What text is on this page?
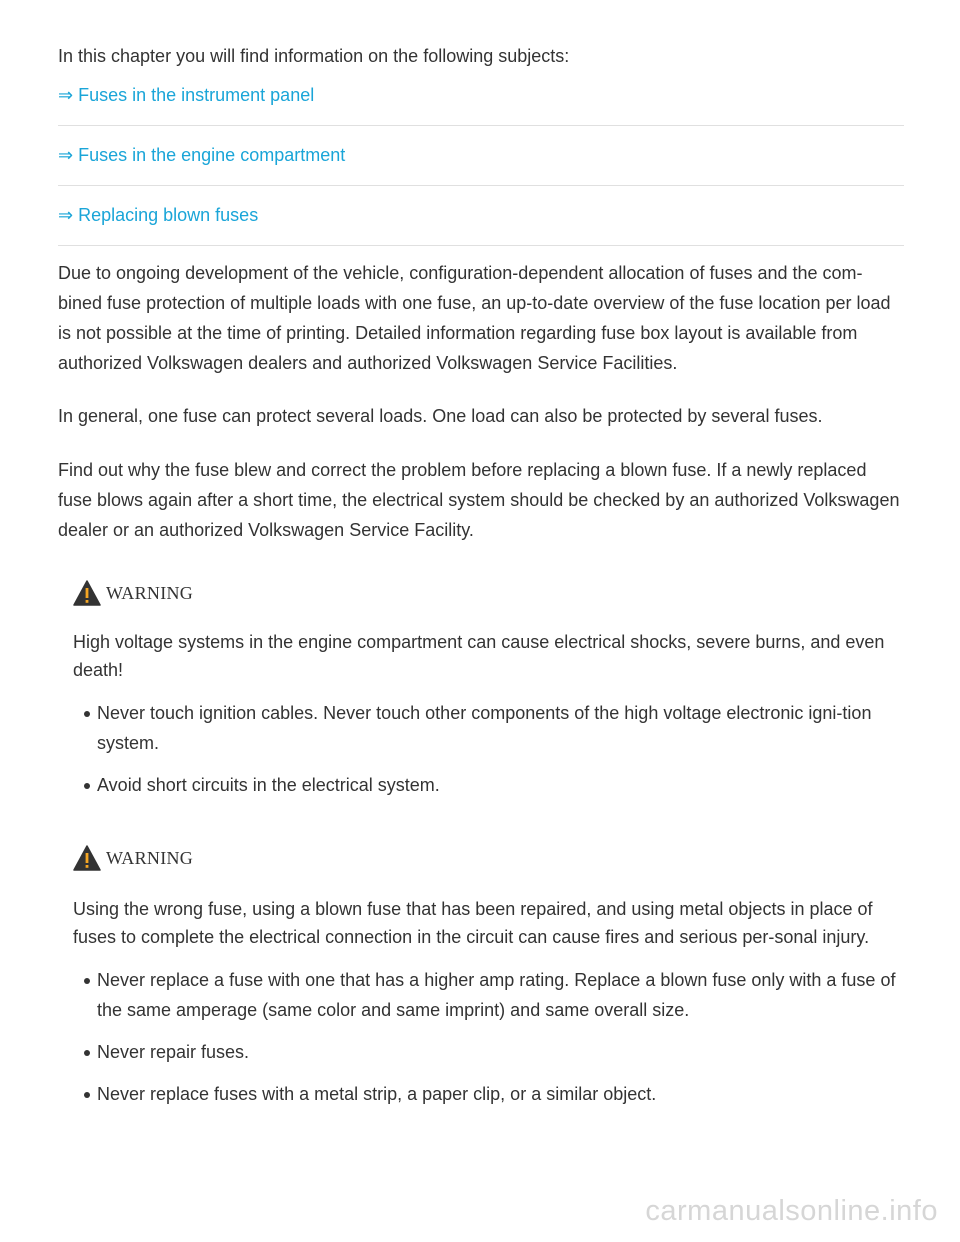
In this chapter you will find information on the following subjects:

⇒ Fuses in the instrument panel
⇒ Fuses in the engine compartment
⇒ Replacing blown fuses

Due to ongoing development of the vehicle, configuration-dependent allocation of fuses and the com-bined fuse protection of multiple loads with one fuse, an up-to-date overview of the fuse location per load is not possible at the time of printing. Detailed information regarding fuse box layout is available from authorized Volkswagen dealers and authorized Volkswagen Service Facilities.

In general, one fuse can protect several loads. One load can also be protected by several fuses.

Find out why the fuse blew and correct the problem before replacing a blown fuse. If a newly replaced fuse blows again after a short time, the electrical system should be checked by an authorized Volkswagen dealer or an authorized Volkswagen Service Facility.

WARNING

High voltage systems in the engine compartment can cause electrical shocks, severe burns, and even death!

Never touch ignition cables. Never touch other components of the high voltage electronic igni-tion system.
Avoid short circuits in the electrical system.
WARNING

Using the wrong fuse, using a blown fuse that has been repaired, and using metal objects in place of fuses to complete the electrical connection in the circuit can cause fires and serious per-sonal injury.

Never replace a fuse with one that has a higher amp rating. Replace a blown fuse only with a fuse of the same amperage (same color and same imprint) and same overall size.
Never repair fuses.
Never replace fuses with a metal strip, a paper clip, or a similar object.
carmanualsonline.info
